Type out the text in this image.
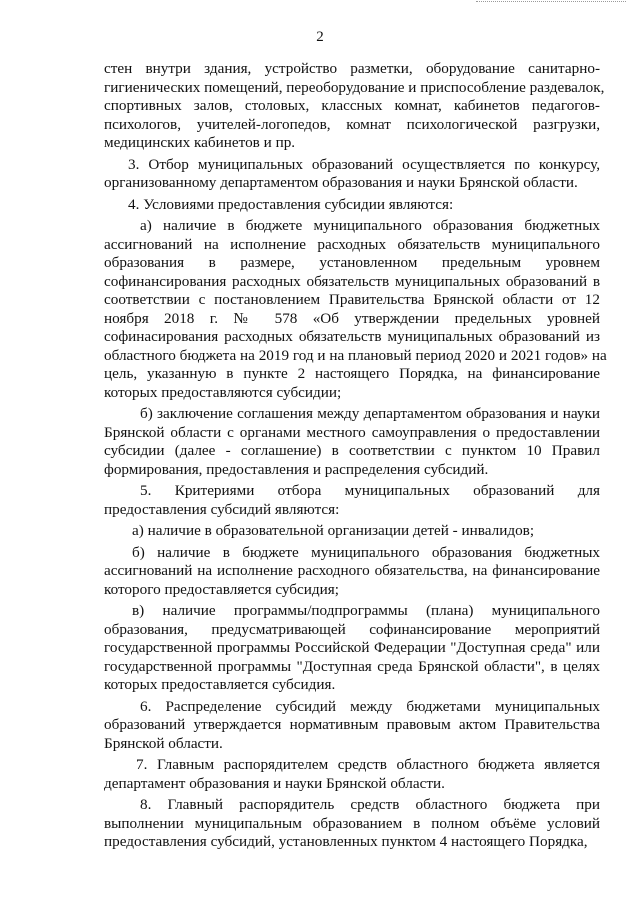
2
стен внутри здания, устройство разметки, оборудование санитарно-
гигиенических помещений, переоборудование и приспособление раздевалок,
спортивных залов, столовых, классных комнат, кабинетов педагогов-
психологов, учителей-логопедов, комнат психологической разгрузки,
медицинских кабинетов и пр.
3. Отбор муниципальных образований осуществляется по конкурсу,
организованному департаментом образования и науки Брянской области.
4. Условиями предоставления субсидии являются:
а) наличие в бюджете муниципального образования бюджетных
ассигнований на исполнение расходных обязательств муниципального
образования в размере, установленном предельным уровнем
софинансирования расходных обязательств муниципальных образований в
соответствии с постановлением Правительства Брянской области от 12
ноября 2018 г. № 578 «Об утверждении предельных уровней
софинасирования расходных обязательств муниципальных образований из
областного бюджета на 2019 год и на плановый период 2020 и 2021 годов» на
цель, указанную в пункте 2 настоящего Порядка, на финансирование
которых предоставляются субсидии;
б) заключение соглашения между департаментом образования и науки
Брянской области с органами местного самоуправления о предоставлении
субсидии (далее - соглашение) в соответствии с пунктом 10 Правил
формирования, предоставления и распределения субсидий.
5. Критериями отбора муниципальных образований для
предоставления субсидий являются:
а) наличие в образовательной организации детей - инвалидов;
б) наличие в бюджете муниципального образования бюджетных
ассигнований на исполнение расходного обязательства, на финансирование
которого предоставляется субсидия;
в) наличие программы/подпрограммы (плана) муниципального
образования, предусматривающей софинансирование мероприятий
государственной программы Российской Федерации "Доступная среда" или
государственной программы "Доступная среда Брянской области", в целях
которых предоставляется субсидия.
6. Распределение субсидий между бюджетами муниципальных
образований утверждается нормативным правовым актом Правительства
Брянской области.
7. Главным распорядителем средств областного бюджета является
департамент образования и науки Брянской области.
8. Главный распорядитель средств областного бюджета при
выполнении муниципальным образованием в полном объёме условий
предоставления субсидий, установленных пунктом 4 настоящего Порядка,
